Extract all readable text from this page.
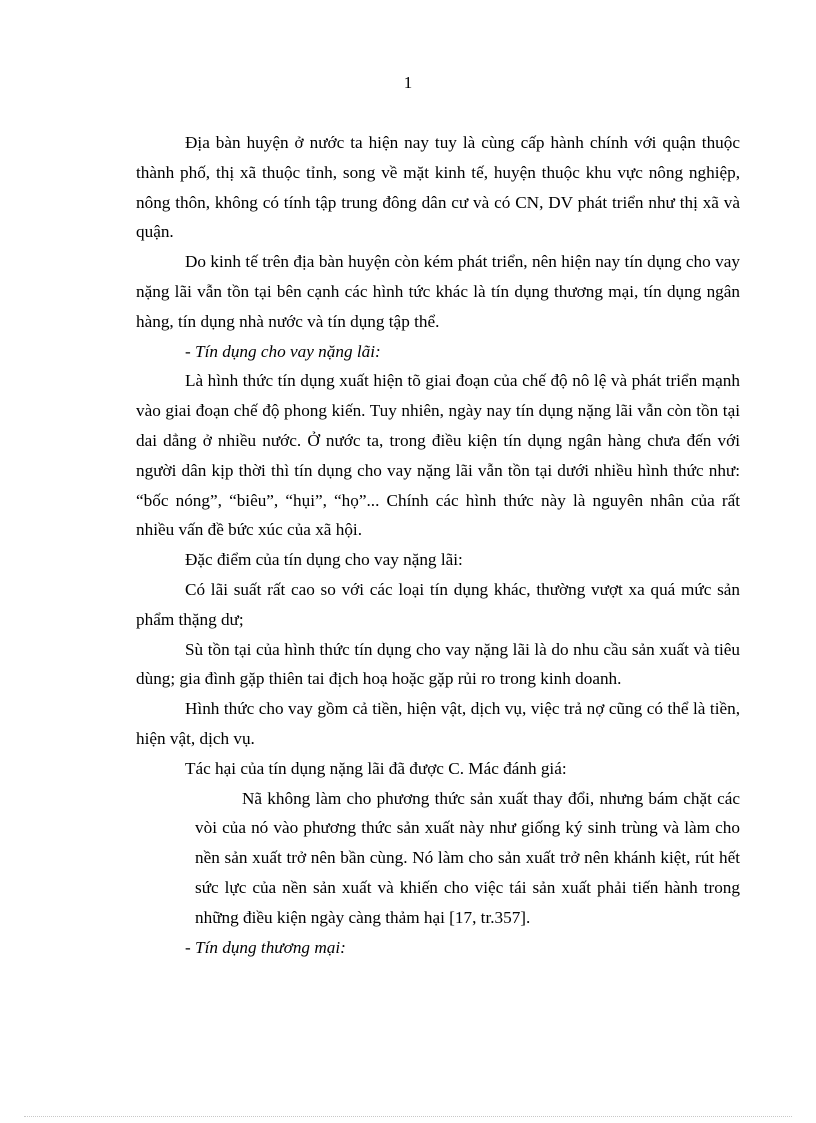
1

Địa bàn huyện ở nước ta hiện nay tuy là cùng cấp hành chính với quận thuộc thành phố, thị xã thuộc tỉnh, song về mặt kinh tế, huyện thuộc khu vực nông nghiệp, nông thôn, không có tính tập trung đông dân cư và có CN, DV phát triển như thị xã và quận.

Do kinh tế trên địa bàn huyện còn kém phát triển, nên hiện nay tín dụng cho vay nặng lãi vẫn tồn tại bên cạnh các hình tức khác là tín dụng thương mại, tín dụng ngân hàng, tín dụng nhà nước và tín dụng tập thể.

- Tín dụng cho vay nặng lãi:

Là hình thức tín dụng xuất hiện tõ giai đoạn của chế độ nô lệ và phát triển mạnh vào giai đoạn chế độ phong kiến. Tuy nhiên, ngày nay tín dụng nặng lãi vẫn còn tồn tại dai dẳng ở nhiều nước. Ở nước ta, trong điều kiện tín dụng ngân hàng chưa đến với người dân kịp thời thì tín dụng cho vay nặng lãi vẫn tồn tại dưới nhiều hình thức như: “bốc nóng”, “biêu”, “hụi”, “họ”... Chính các hình thức này là nguyên nhân của rất nhiều vấn đề bức xúc của xã hội.

Đặc điểm của tín dụng cho vay nặng lãi:

Có lãi suất rất cao so với các loại tín dụng khác, thường vượt xa quá mức sản phẩm thặng dư;

Sù tồn tại của hình thức tín dụng cho vay nặng lãi là do nhu cầu sản xuất và tiêu dùng; gia đình gặp thiên tai địch hoạ hoặc gặp rủi ro trong kinh doanh.

Hình thức cho vay gồm cả tiền, hiện vật, dịch vụ, việc trả nợ cũng có thể là tiền, hiện vật, dịch vụ.

Tác hại của tín dụng nặng lãi đã được C. Mác đánh giá:

Nã không làm cho phương thức sản xuất thay đổi, nhưng bám chặt các vòi của nó vào phương thức sản xuất này như giống ký sinh trùng và làm cho nền sản xuất trở nên bần cùng. Nó làm cho sản xuất trở nên khánh kiệt, rút hết sức lực của nền sản xuất và khiến cho việc tái sản xuất phải tiến hành trong những điều kiện ngày càng thảm hại [17, tr.357].

- Tín dụng thương mại:
